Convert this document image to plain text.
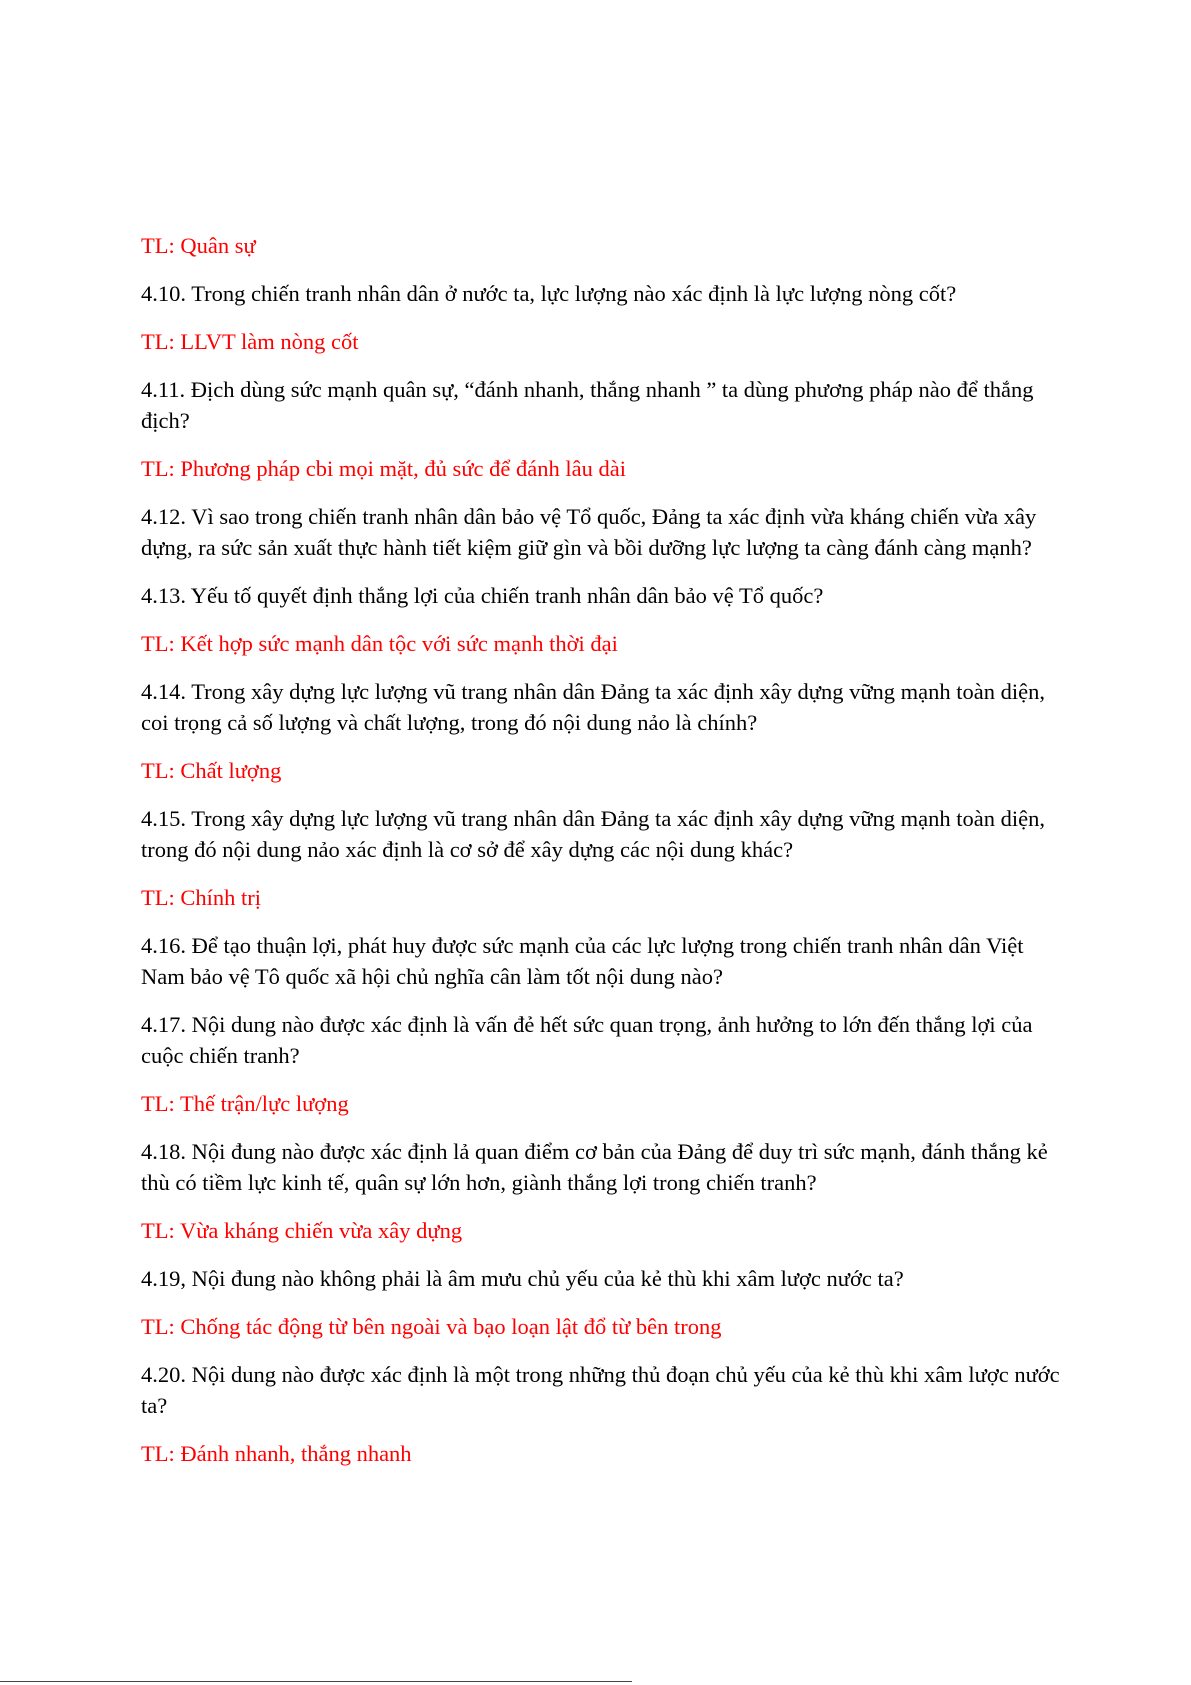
TL: Quân sự

4.10. Trong chiến tranh nhân dân ở nước ta, lực lượng nào xác định là lực lượng nòng cốt?

TL: LLVT làm nòng cốt

4.11. Địch dùng sức mạnh quân sự, “đánh nhanh, thắng nhanh ” ta dùng phương pháp nào để thắng địch?

TL: Phương pháp cbi mọi mặt, đủ sức để đánh lâu dài

4.12. Vì sao trong chiến tranh nhân dân bảo vệ Tổ quốc, Đảng ta xác định vừa kháng chiến vừa xây dựng, ra sức sản xuất thực hành tiết kiệm giữ gìn và bồi dưỡng lực lượng ta càng đánh càng mạnh?

4.13. Yếu tố quyết định thắng lợi của chiến tranh nhân dân bảo vệ Tổ quốc?

TL: Kết hợp sức mạnh dân tộc với sức mạnh thời đại

4.14. Trong xây dựng lực lượng vũ trang nhân dân Đảng ta xác định xây dựng vững mạnh toàn diện, coi trọng cả số lượng và chất lượng, trong đó nội dung nảo là chính?

TL: Chất lượng

4.15. Trong xây dựng lực lượng vũ trang nhân dân Đảng ta xác định xây dựng vững mạnh toàn diện, trong đó nội dung nảo xác định là cơ sở để xây dựng các nội dung khác?

TL: Chính trị

4.16. Để tạo thuận lợi, phát huy được sức mạnh của các lực lượng trong chiến tranh nhân dân Việt Nam bảo vệ Tô quốc xã hội chủ nghĩa cân làm tốt nội dung nào?

4.17. Nội dung nào được xác định là vấn đẻ hết sức quan trọng, ảnh hưởng to lớn đến thắng lợi của cuộc chiến tranh?

TL: Thế trận/lực lượng

4.18. Nội đung nào được xác định lả quan điểm cơ bản của Đảng để duy trì sức mạnh, đánh thắng kẻ thù có tiềm lực kinh tế, quân sự lớn hơn, giành thắng lợi trong chiến tranh?

TL: Vừa kháng chiến vừa xây dựng

4.19, Nội đung nào không phải là âm mưu chủ yếu của kẻ thù khi xâm lược nước ta?

TL: Chống tác động từ bên ngoài và bạo loạn lật đổ từ bên trong

4.20. Nội dung nào được xác định là một trong những thủ đoạn chủ yếu của kẻ thù khi xâm lược nước ta?

TL: Đánh nhanh, thắng nhanh
